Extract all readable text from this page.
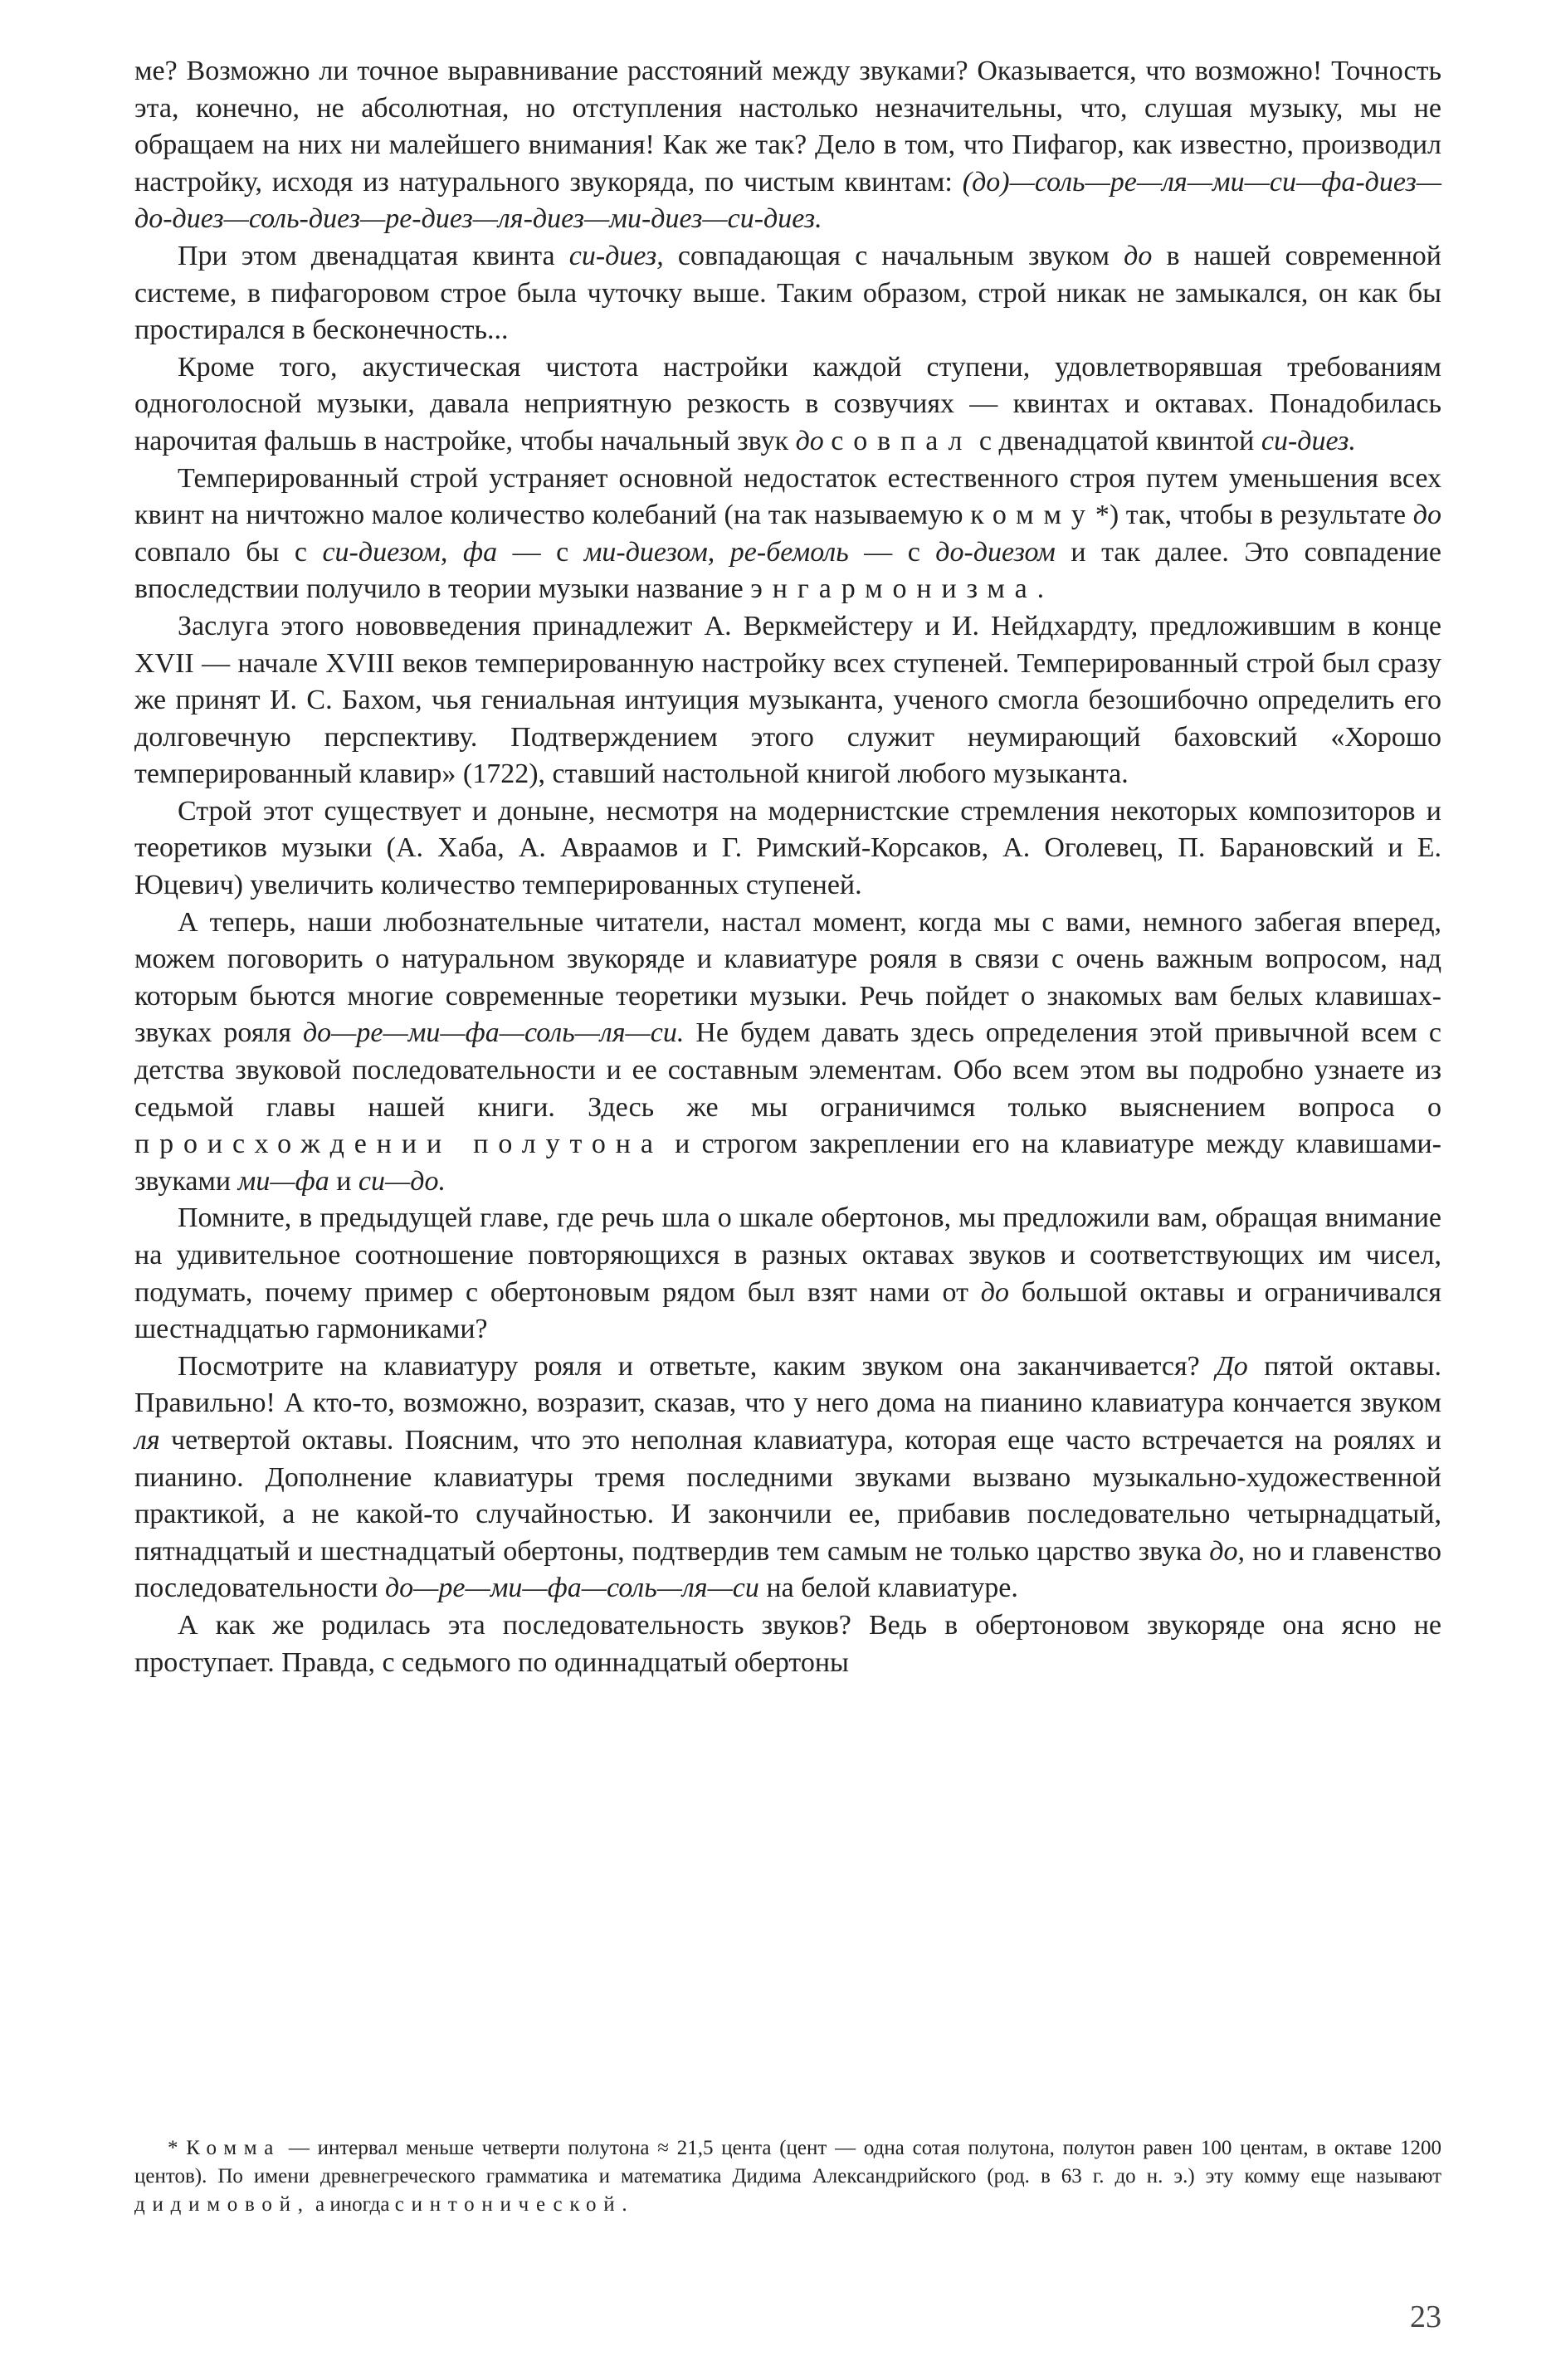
ме? Возможно ли точное выравнивание расстояний между звуками? Оказывается, что возможно! Точность эта, конечно, не абсолютная, но отступления настолько незначительны, что, слушая музыку, мы не обращаем на них ни малейшего внимания! Как же так? Дело в том, что Пифагор, как известно, производил настройку, исходя из натурального звукоряда, по чистым квинтам: (до)—соль—ре—ля—ми—си—фа-диез—до-диез—соль-диез—ре-диез—ля-диез—ми-диез—си-диез.

При этом двенадцатая квинта си-диез, совпадающая с начальным звуком до в нашей современной системе, в пифагоровом строе была чуточку выше. Таким образом, строй никак не замыкался, он как бы простирался в бесконечность...

Кроме того, акустическая чистота настройки каждой ступени, удовлетворявшая требованиям одноголосной музыки, давала неприятную резкость в созвучиях — квинтах и октавах. Понадобилась нарочитая фальшь в настройке, чтобы начальный звук до совпал с двенадцатой квинтой си-диез.

Темперированный строй устраняет основной недостаток естественного строя путем уменьшения всех квинт на ничтожно малое количество колебаний (на так называемую комму*) так, чтобы в результате до совпало бы с си-диезом, фа — с ми-диезом, ре-бемоль — с до-диезом и так далее. Это совпадение впоследствии получило в теории музыки название энгармонизма.

Заслуга этого нововведения принадлежит А. Веркмейстеру и И. Нейдхардту, предложившим в конце XVII — начале XVIII веков темперированную настройку всех ступеней. Темперированный строй был сразу же принят И. С. Бахом, чья гениальная интуиция музыканта, ученого смогла безошибочно определить его долговечную перспективу. Подтверждением этого служит неумирающий баховский «Хорошо темперированный клавир» (1722), ставший настольной книгой любого музыканта.

Строй этот существует и доныне, несмотря на модернистские стремления некоторых композиторов и теоретиков музыки (А. Хаба, А. Авраамов и Г. Римский-Корсаков, А. Оголевец, П. Барановский и Е. Юцевич) увеличить количество темперированных ступеней.

А теперь, наши любознательные читатели, настал момент, когда мы с вами, немного забегая вперед, можем поговорить о натуральном звукоряде и клавиатуре рояля в связи с очень важным вопросом, над которым бьются многие современные теоретики музыки. Речь пойдет о знакомых вам белых клавишах-звуках рояля до—ре—ми—фа—соль—ля—си. Не будем давать здесь определения этой привычной всем с детства звуковой последовательности и ее составным элементам. Обо всем этом вы подробно узнаете из седьмой главы нашей книги. Здесь же мы ограничимся только выяснением вопроса о происхождении полутона и строгом закреплении его на клавиатуре между клавишами-звуками ми—фа и си—до.

Помните, в предыдущей главе, где речь шла о шкале обертонов, мы предложили вам, обращая внимание на удивительное соотношение повторяющихся в разных октавах звуков и соответствующих им чисел, подумать, почему пример с обертоновым рядом был взят нами от до большой октавы и ограничивался шестнадцатью гармониками?

Посмотрите на клавиатуру рояля и ответьте, каким звуком она заканчивается? До пятой октавы. Правильно! А кто-то, возможно, возразит, сказав, что у него дома на пианино клавиатура кончается звуком ля четвертой октавы. Поясним, что это неполная клавиатура, которая еще часто встречается на роялях и пианино. Дополнение клавиатуры тремя последними звуками вызвано музыкально-художественной практикой, а не какой-то случайностью. И закончили ее, прибавив последовательно четырнадцатый, пятнадцатый и шестнадцатый обертоны, подтвердив тем самым не только царство звука до, но и главенство последовательности до—ре—ми—фа—соль—ля—си на белой клавиатуре.

А как же родилась эта последовательность звуков? Ведь в обертоновом звукоряде она ясно не проступает. Правда, с седьмого по одиннадцатый обертоны

* Комма — интервал меньше четверти полутона ≈ 21,5 цента (цент — одна сотая полутона, полутон равен 100 центам, в октаве 1200 центов). По имени древнегреческого грамматика и математика Дидима Александрийского (род. в 63 г. до н. э.) эту комму еще называют дидимовой, а иногда синтонической.
23
